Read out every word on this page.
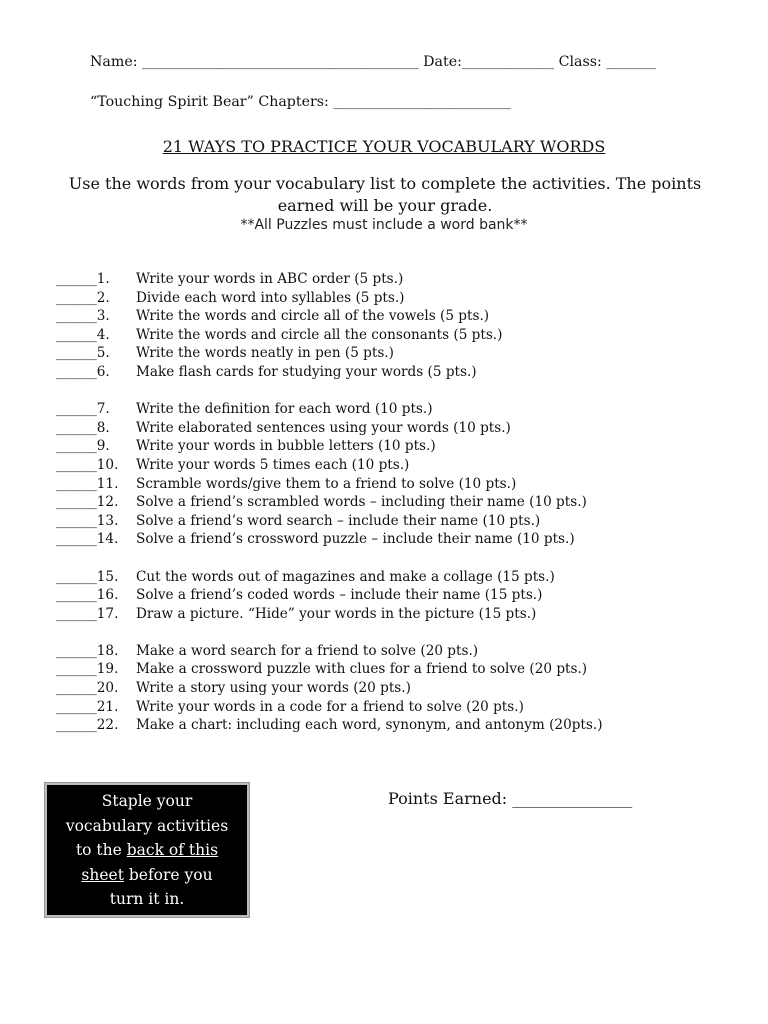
Name: _______________________________________ Date:_____________ Class: _______
“Touching Spirit Bear” Chapters: _________________________
21 WAYS TO PRACTICE YOUR VOCABULARY WORDS
Use the words from your vocabulary list to complete the activities. The points earned will be your grade.
**All Puzzles must include a word bank**
______1.	Write your words in ABC order (5 pts.)
______2.	Divide each word into syllables (5 pts.)
______3.	Write the words and circle all of the vowels (5 pts.)
______4.	Write the words and circle all the consonants (5 pts.)
______5.	Write the words neatly in pen (5 pts.)
______6.	Make flash cards for studying your words (5 pts.)
______7.	Write the definition for each word (10 pts.)
______8.	Write elaborated sentences using your words (10 pts.)
______9.	Write your words in bubble letters (10 pts.)
______10.	Write your words 5 times each (10 pts.)
______11.	Scramble words/give them to a friend to solve (10 pts.)
______12.	Solve a friend’s scrambled words – including their name (10 pts.)
______13.	Solve a friend’s word search – include their name (10 pts.)
______14.	Solve a friend’s crossword puzzle – include their name (10 pts.)
______15.	Cut the words out of magazines and make a collage (15 pts.)
______16.	Solve a friend’s coded words – include their name (15 pts.)
______17.	Draw a picture. “Hide” your words in the picture (15 pts.)
______18.	Make a word search for a friend to solve (20 pts.)
______19.	Make a crossword puzzle with clues for a friend to solve (20 pts.)
______20.	Write a story using your words (20 pts.)
______21.	Write your words in a code for a friend to solve (20 pts.)
______22.	Make a chart: including each word, synonym, and antonym (20pts.)
Staple your
vocabulary activities
to the back of this
sheet before you
turn it in.
Points Earned: _______________
